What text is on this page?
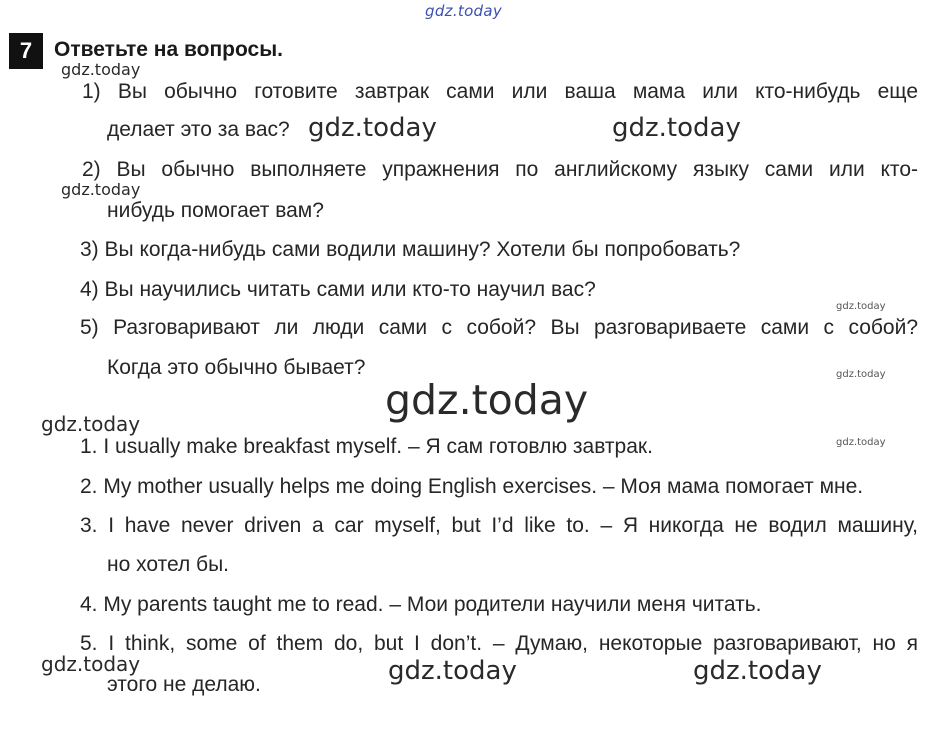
gdz.today
7	Ответьте на вопросы.
1) Вы обычно готовите завтрак сами или ваша мама или кто-нибудь еще
делает это за вас?
2) Вы обычно выполняете упражнения по английскому языку сами или кто-
нибудь помогает вам?
3) Вы когда-нибудь сами водили машину? Хотели бы попробовать?
4) Вы научились читать сами или кто-то научил вас?
5) Разговаривают ли люди сами с собой? Вы разговариваете сами с собой?
Когда это обычно бывает?
1. I usually make breakfast myself. – Я сам готовлю завтрак.
2. My mother usually helps me doing English exercises. – Моя мама помогает мне.
3. I have never driven a car myself, but I’d like to. – Я никогда не водил машину,
но хотел бы.
4. My parents taught me to read. – Мои родители научили меня читать.
5. I think, some of them do, but I don’t. – Думаю, некоторые разговаривают, но я
этого не делаю.
gdz.today
gdz.today	gdz.today
gdz.today
gdz.today
gdz.today
gdz.today
gdz.today
gdz.today
gdz.today	gdz.today	gdz.today
